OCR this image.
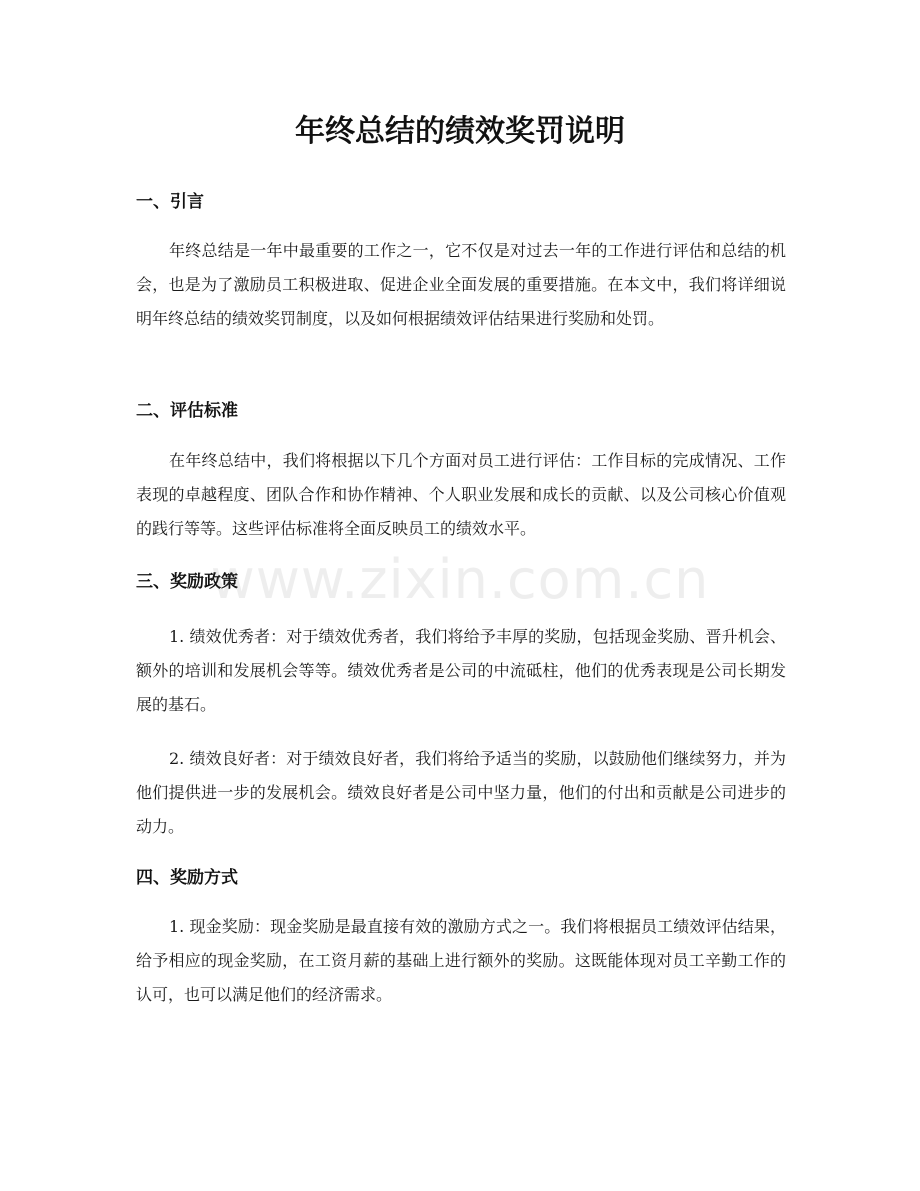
年终总结的绩效奖罚说明
一、引言

年终总结是一年中最重要的工作之一，它不仅是对过去一年的工作进行评估和总结的机会，也是为了激励员工积极进取、促进企业全面发展的重要措施。在本文中，我们将详细说明年终总结的绩效奖罚制度，以及如何根据绩效评估结果进行奖励和处罚。

二、评估标准

在年终总结中，我们将根据以下几个方面对员工进行评估：工作目标的完成情况、工作表现的卓越程度、团队合作和协作精神、个人职业发展和成长的贡献、以及公司核心价值观的践行等等。这些评估标准将全面反映员工的绩效水平。

三、奖励政策

1. 绩效优秀者：对于绩效优秀者，我们将给予丰厚的奖励，包括现金奖励、晋升机会、额外的培训和发展机会等等。绩效优秀者是公司的中流砥柱，他们的优秀表现是公司长期发展的基石。

2. 绩效良好者：对于绩效良好者，我们将给予适当的奖励，以鼓励他们继续努力，并为他们提供进一步的发展机会。绩效良好者是公司中坚力量，他们的付出和贡献是公司进步的动力。

四、奖励方式

1. 现金奖励：现金奖励是最直接有效的激励方式之一。我们将根据员工绩效评估结果，给予相应的现金奖励，在工资月薪的基础上进行额外的奖励。这既能体现对员工辛勤工作的认可，也可以满足他们的经济需求。

www.zixin.com.cn
